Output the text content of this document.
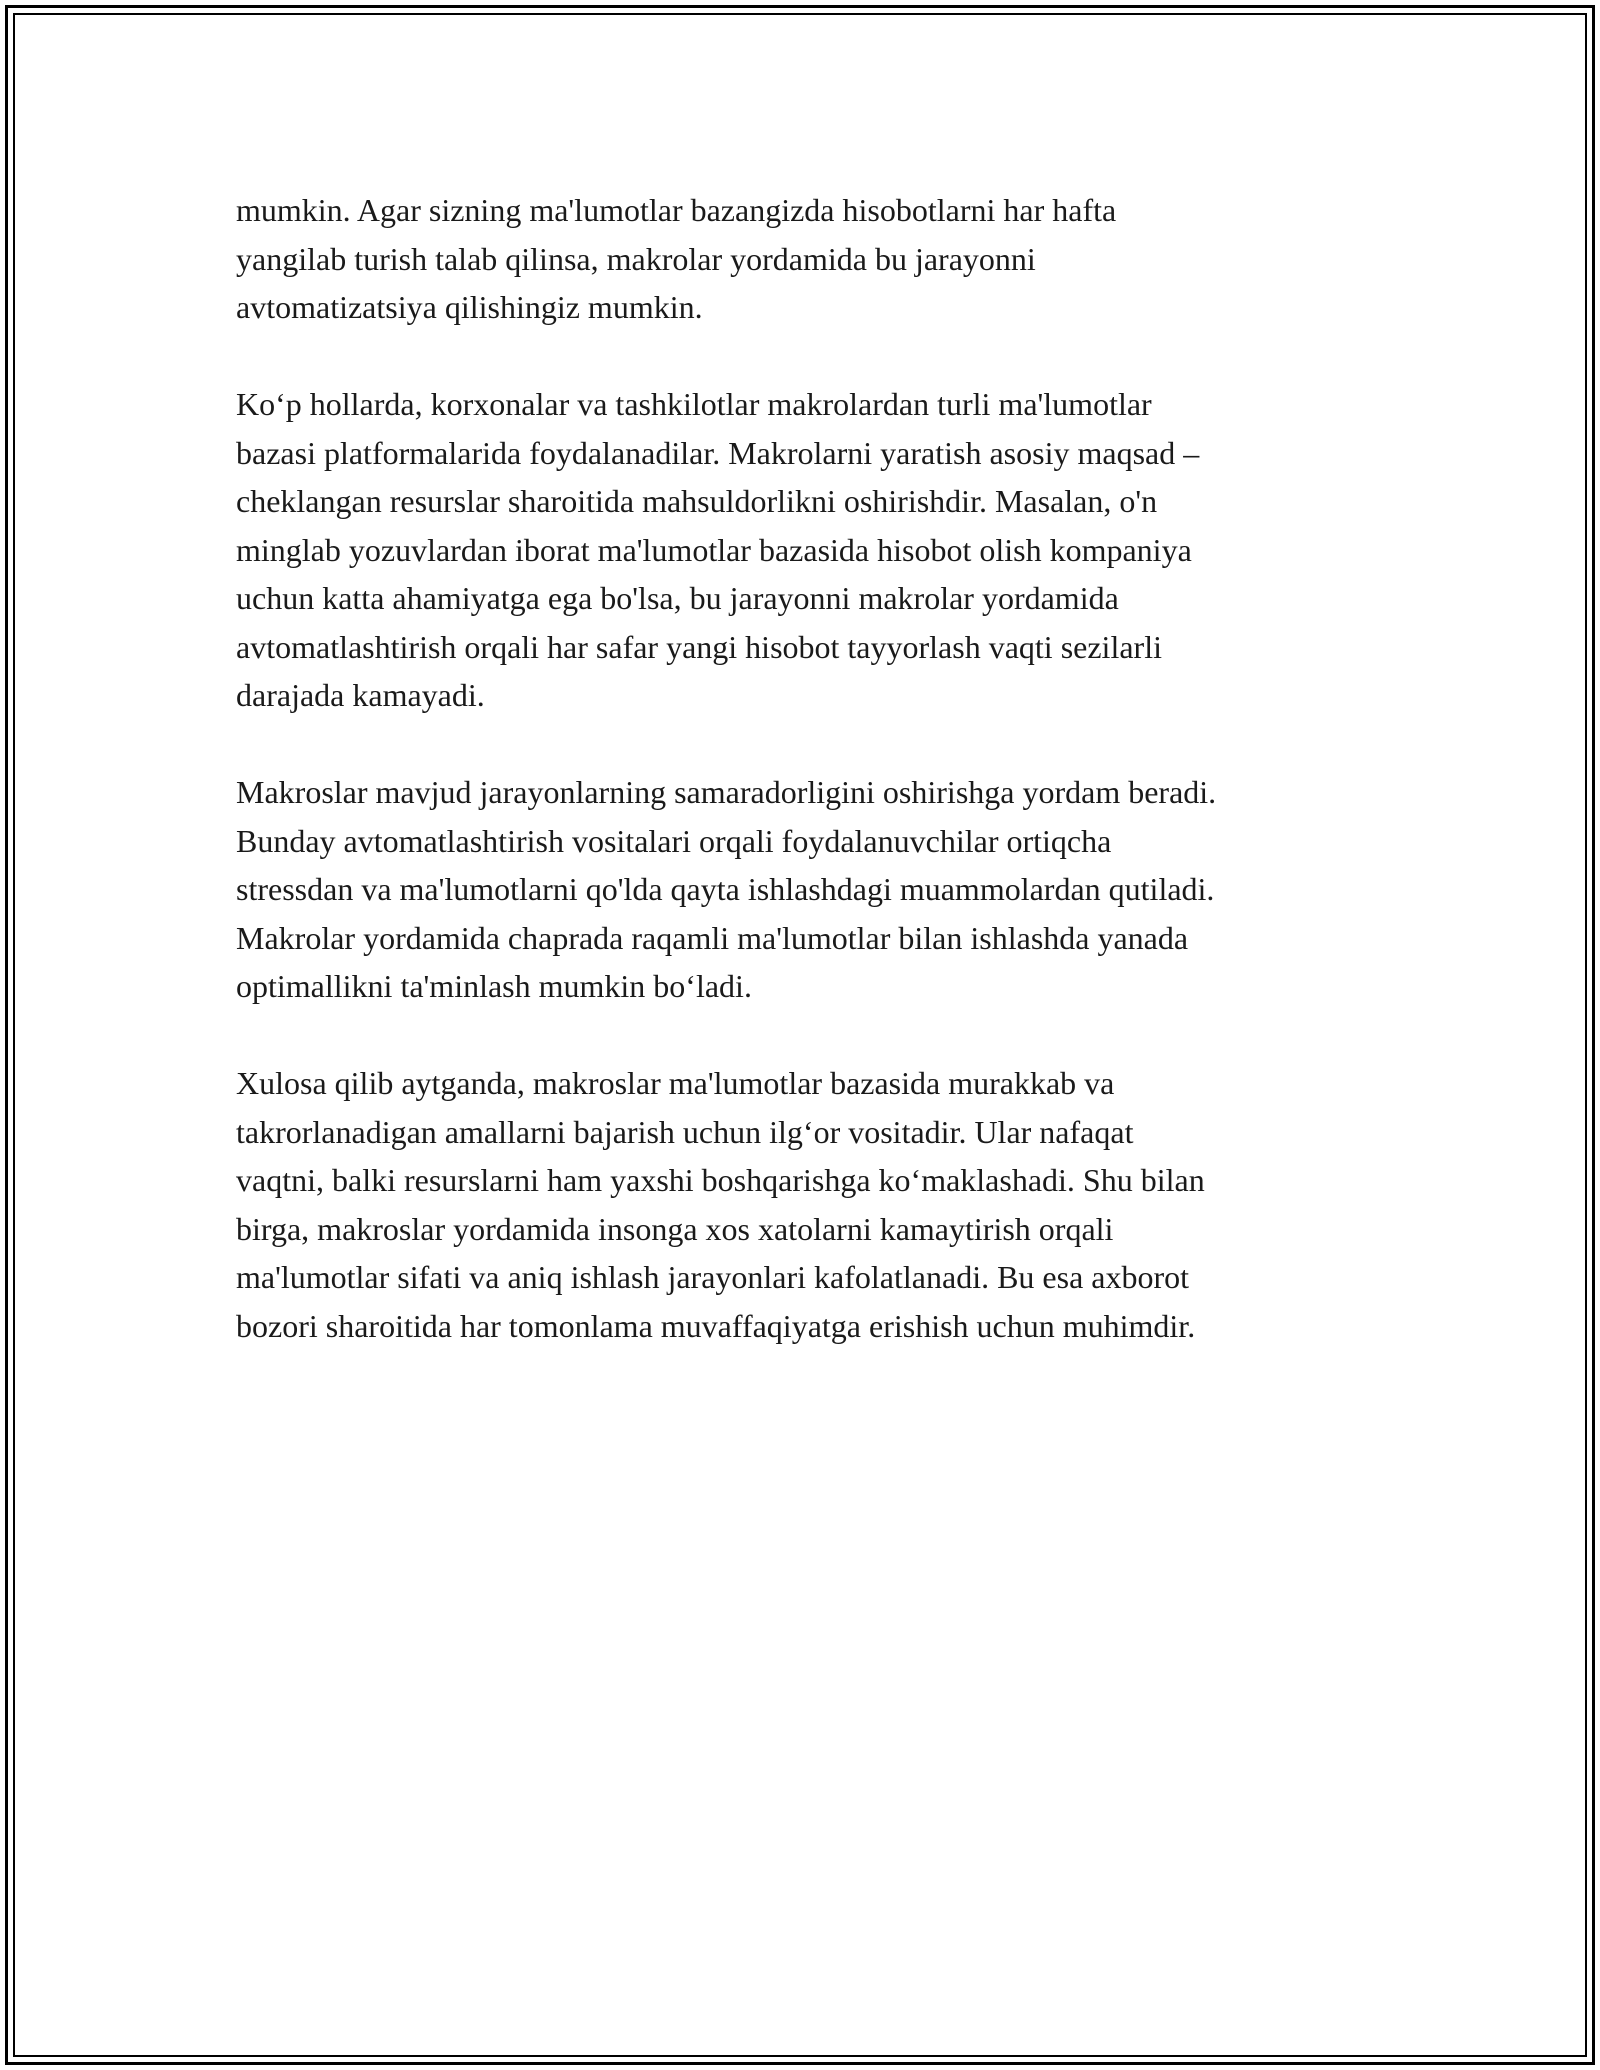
mumkin. Agar sizning ma'lumotlar bazangizda hisobotlarni har hafta
yangilab turish talab qilinsa, makrolar yordamida bu jarayonni
avtomatizatsiya qilishingiz mumkin.

Ko‘p hollarda, korxonalar va tashkilotlar makrolardan turli ma'lumotlar
bazasi platformalarida foydalanadilar. Makrolarni yaratish asosiy maqsad –
cheklangan resurslar sharoitida mahsuldorlikni oshirishdir. Masalan, o'n
minglab yozuvlardan iborat ma'lumotlar bazasida hisobot olish kompaniya
uchun katta ahamiyatga ega bo'lsa, bu jarayonni makrolar yordamida
avtomatlashtirish orqali har safar yangi hisobot tayyorlash vaqti sezilarli
darajada kamayadi.

Makroslar mavjud jarayonlarning samaradorligini oshirishga yordam beradi.
Bunday avtomatlashtirish vositalari orqali foydalanuvchilar ortiqcha
stressdan va ma'lumotlarni qo'lda qayta ishlashdagi muammolardan qutiladi.
Makrolar yordamida chaprada raqamli ma'lumotlar bilan ishlashda yanada
optimallikni ta'minlash mumkin bo‘ladi.

Xulosa qilib aytganda, makroslar ma'lumotlar bazasida murakkab va
takrorlanadigan amallarni bajarish uchun ilg‘or vositadir. Ular nafaqat
vaqtni, balki resurslarni ham yaxshi boshqarishga ko‘maklashadi. Shu bilan
birga, makroslar yordamida insonga xos xatolarni kamaytirish orqali
ma'lumotlar sifati va aniq ishlash jarayonlari kafolatlanadi. Bu esa axborot
bozori sharoitida har tomonlama muvaffaqiyatga erishish uchun muhimdir.
